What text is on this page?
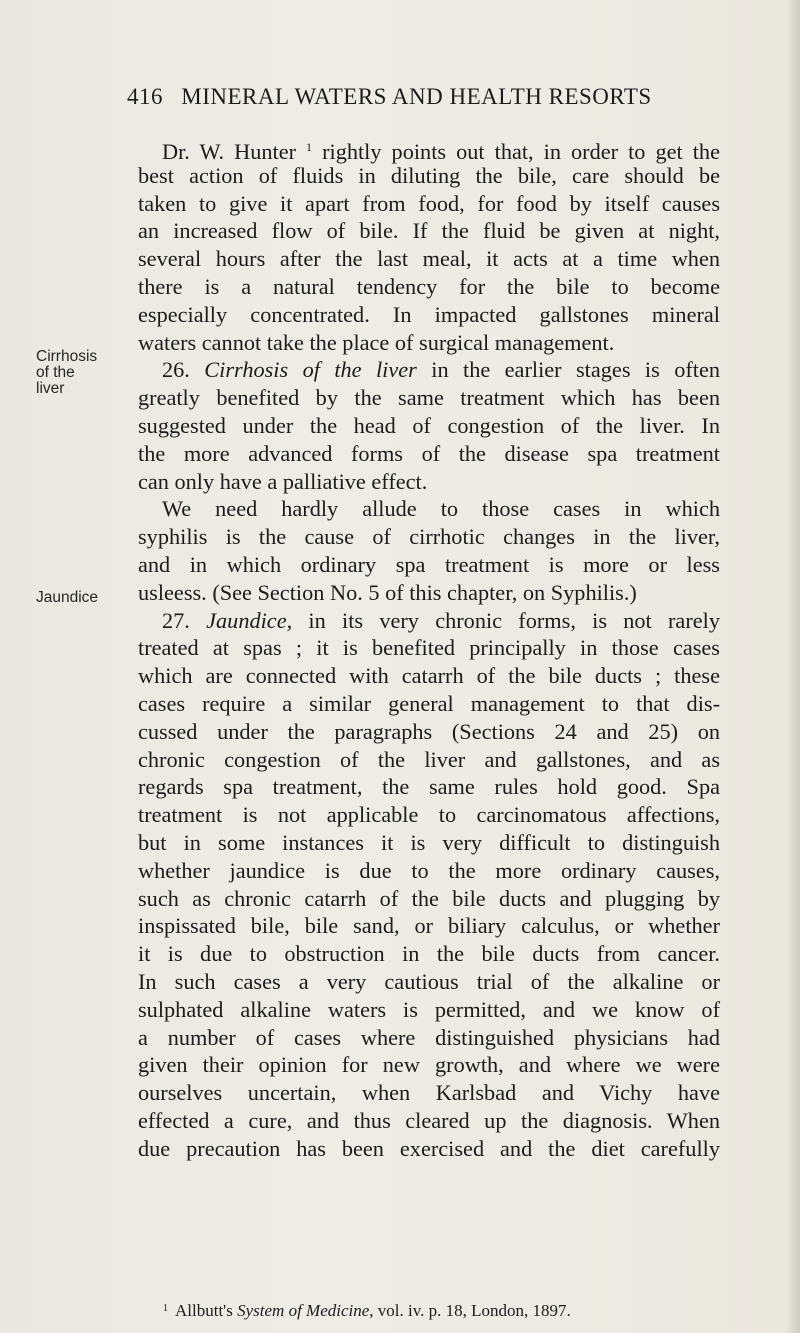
416 MINERAL WATERS AND HEALTH RESORTS
Cirrhosis
of the
liver
Jaundice
Dr. W. Hunter $^1$ rightly points out that, in order to get the
best action of fluids in diluting the bile, care should be
taken to give it apart from food, for food by itself causes
an increased flow of bile. If the fluid be given at night,
several hours after the last meal, it acts at a time when
there is a natural tendency for the bile to become
especially concentrated. In impacted gallstones mineral
waters cannot take the place of surgical management.
26. Cirrhosis of the liver in the earlier stages is often
greatly benefited by the same treatment which has been
suggested under the head of congestion of the liver. In
the more advanced forms of the disease spa treatment
can only have a palliative effect.
We need hardly allude to those cases in which
syphilis is the cause of cirrhotic changes in the liver,
and in which ordinary spa treatment is more or less
usleess. (See Section No. 5 of this chapter, on Syphilis.)
27. Jaundice, in its very chronic forms, is not rarely
treated at spas ; it is benefited principally in those cases
which are connected with catarrh of the bile ducts ; these
cases require a similar general management to that dis-
cussed under the paragraphs (Sections 24 and 25) on
chronic congestion of the liver and gallstones, and as
regards spa treatment, the same rules hold good. Spa
treatment is not applicable to carcinomatous affections,
but in some instances it is very difficult to distinguish
whether jaundice is due to the more ordinary causes,
such as chronic catarrh of the bile ducts and plugging by
inspissated bile, bile sand, or biliary calculus, or whether
it is due to obstruction in the bile ducts from cancer.
In such cases a very cautious trial of the alkaline or
sulphated alkaline waters is permitted, and we know of
a number of cases where distinguished physicians had
given their opinion for new growth, and where we were
ourselves uncertain, when Karlsbad and Vichy have
effected a cure, and thus cleared up the diagnosis. When
due precaution has been exercised and the diet carefully
$^1$ Allbutt's System of Medicine, vol. iv. p. 18, London, 1897.
